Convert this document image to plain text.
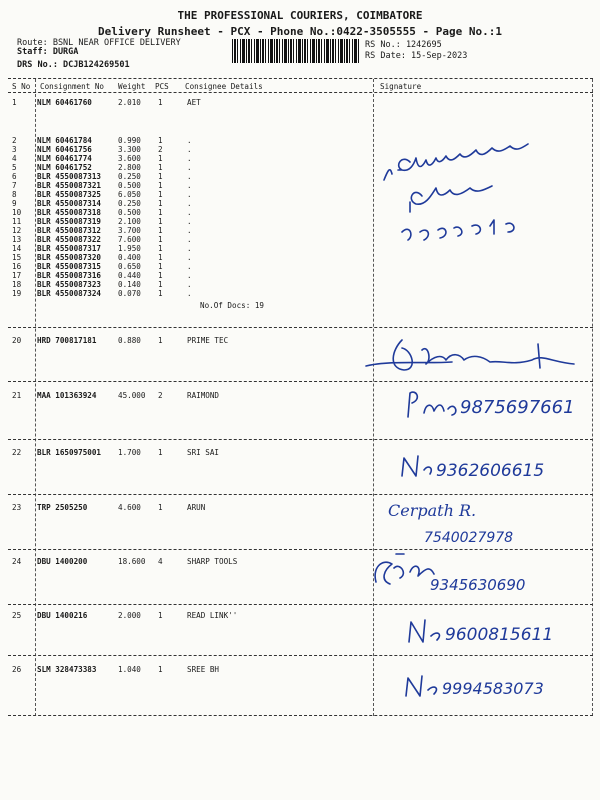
THE PROFESSIONAL COURIERS, COIMBATORE
Delivery Runsheet - PCX - Phone No.:0422-3505555 - Page No.:1
Route: BSNL NEAR OFFICE DELIVERY
Staff: DURGA
DRS No.: DCJB124269501
RS No.: 1242695
RS Date: 15-Sep-2023
S No Consignment No Weight PCS Consignee Details	Signature
1	NLM 60461760	2.010 1	AET
2	NLM 60461784	0.990 1	.
3	NLM 60461756	3.300 2	.
4	NLM 60461774	3.600 1	.
5	NLM 60461752	2.800 1	.
6	BLR 4550087313 0.250 1	.
7	BLR 4550087321 0.500 1	.
8	BLR 4550087325 6.050 1	.
9	BLR 4550087314 0.250 1	.
10 BLR 4550087318 0.500 1	.
11 BLR 4550087319 2.100 1	.
12 BLR 4550087312 3.700 1	.
13 BLR 4550087322 7.600 1	.
14 BLR 4550087317 1.950 1	.
15 BLR 4550087320 0.400 1	.
16 BLR 4550087315 0.650 1	.
17 BLR 4550087316 0.440 1	.
18 BLR 4550087323 0.140 1	.
19 BLR 4550087324 0.070 1	.
No.Of Docs: 19
20 HRD 700817181	0.880 1	PRIME TEC
21 MAA 101363924	45.000 2	RAIMOND
9875697661
22 BLR 1650975001 1.700 1	SRI SAI
9362606615
23 TRP 2505250	4.600 1	ARUN	Cerpath R.
7540027978
24 DBU 1400200	18.600 4	SHARP TOOLS
9345630690
25 DBU 1400216	2.000 1	READ LINK''
9600815611
26 SLM 328473383	1.040 1	SREE BH
9994583073
